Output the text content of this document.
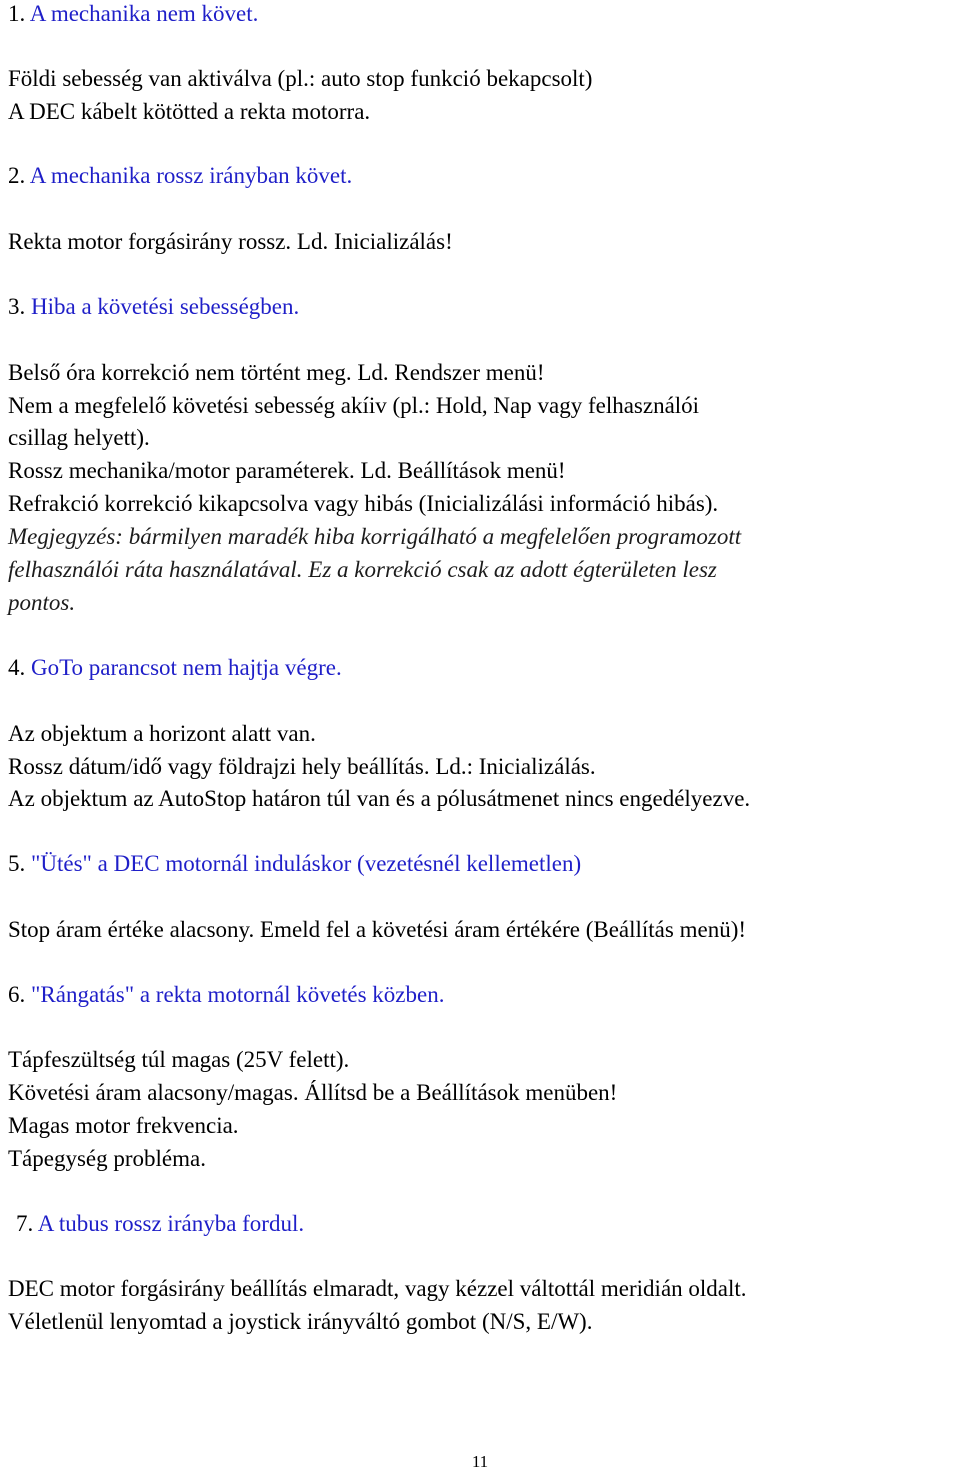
1. A mechanika nem követ.
Földi sebesség van aktiválva (pl.: auto stop funkció bekapcsolt)
A DEC kábelt kötötted a rekta motorra.
2. A mechanika rossz irányban követ.
Rekta motor forgásirány rossz. Ld. Inicializálás!
3. Hiba a követési sebességben.
Belső óra korrekció nem történt meg. Ld. Rendszer menü!
Nem a megfelelő követési sebesség akíiv (pl.: Hold, Nap vagy felhasználói
csillag helyett).
Rossz mechanika/motor paraméterek. Ld. Beállítások menü!
Refrakció korrekció kikapcsolva vagy hibás (Inicializálási információ hibás).
Megjegyzés: bármilyen maradék hiba korrigálható a megfelelően programozott
felhasználói ráta használatával. Ez a korrekció csak az adott égterületen lesz
pontos.
4. GoTo parancsot nem hajtja végre.
Az objektum a horizont alatt van.
Rossz dátum/idő vagy földrajzi hely beállítás. Ld.: Inicializálás.
Az objektum az AutoStop határon túl van és a pólusátmenet nincs engedélyezve.
5. "Ütés" a DEC motornál induláskor (vezetésnél kellemetlen)
Stop áram értéke alacsony. Emeld fel a követési áram értékére (Beállítás menü)!
6. "Rángatás" a rekta motornál követés közben.
Tápfeszültség túl magas (25V felett).
Követési áram alacsony/magas. Állítsd be a Beállítások menüben!
Magas motor frekvencia.
Tápegység probléma.
7. A tubus rossz irányba fordul.
DEC motor forgásirány beállítás elmaradt, vagy kézzel váltottál meridián oldalt.
Véletlenül lenyomtad a joystick irányváltó gombot (N/S, E/W).
11
